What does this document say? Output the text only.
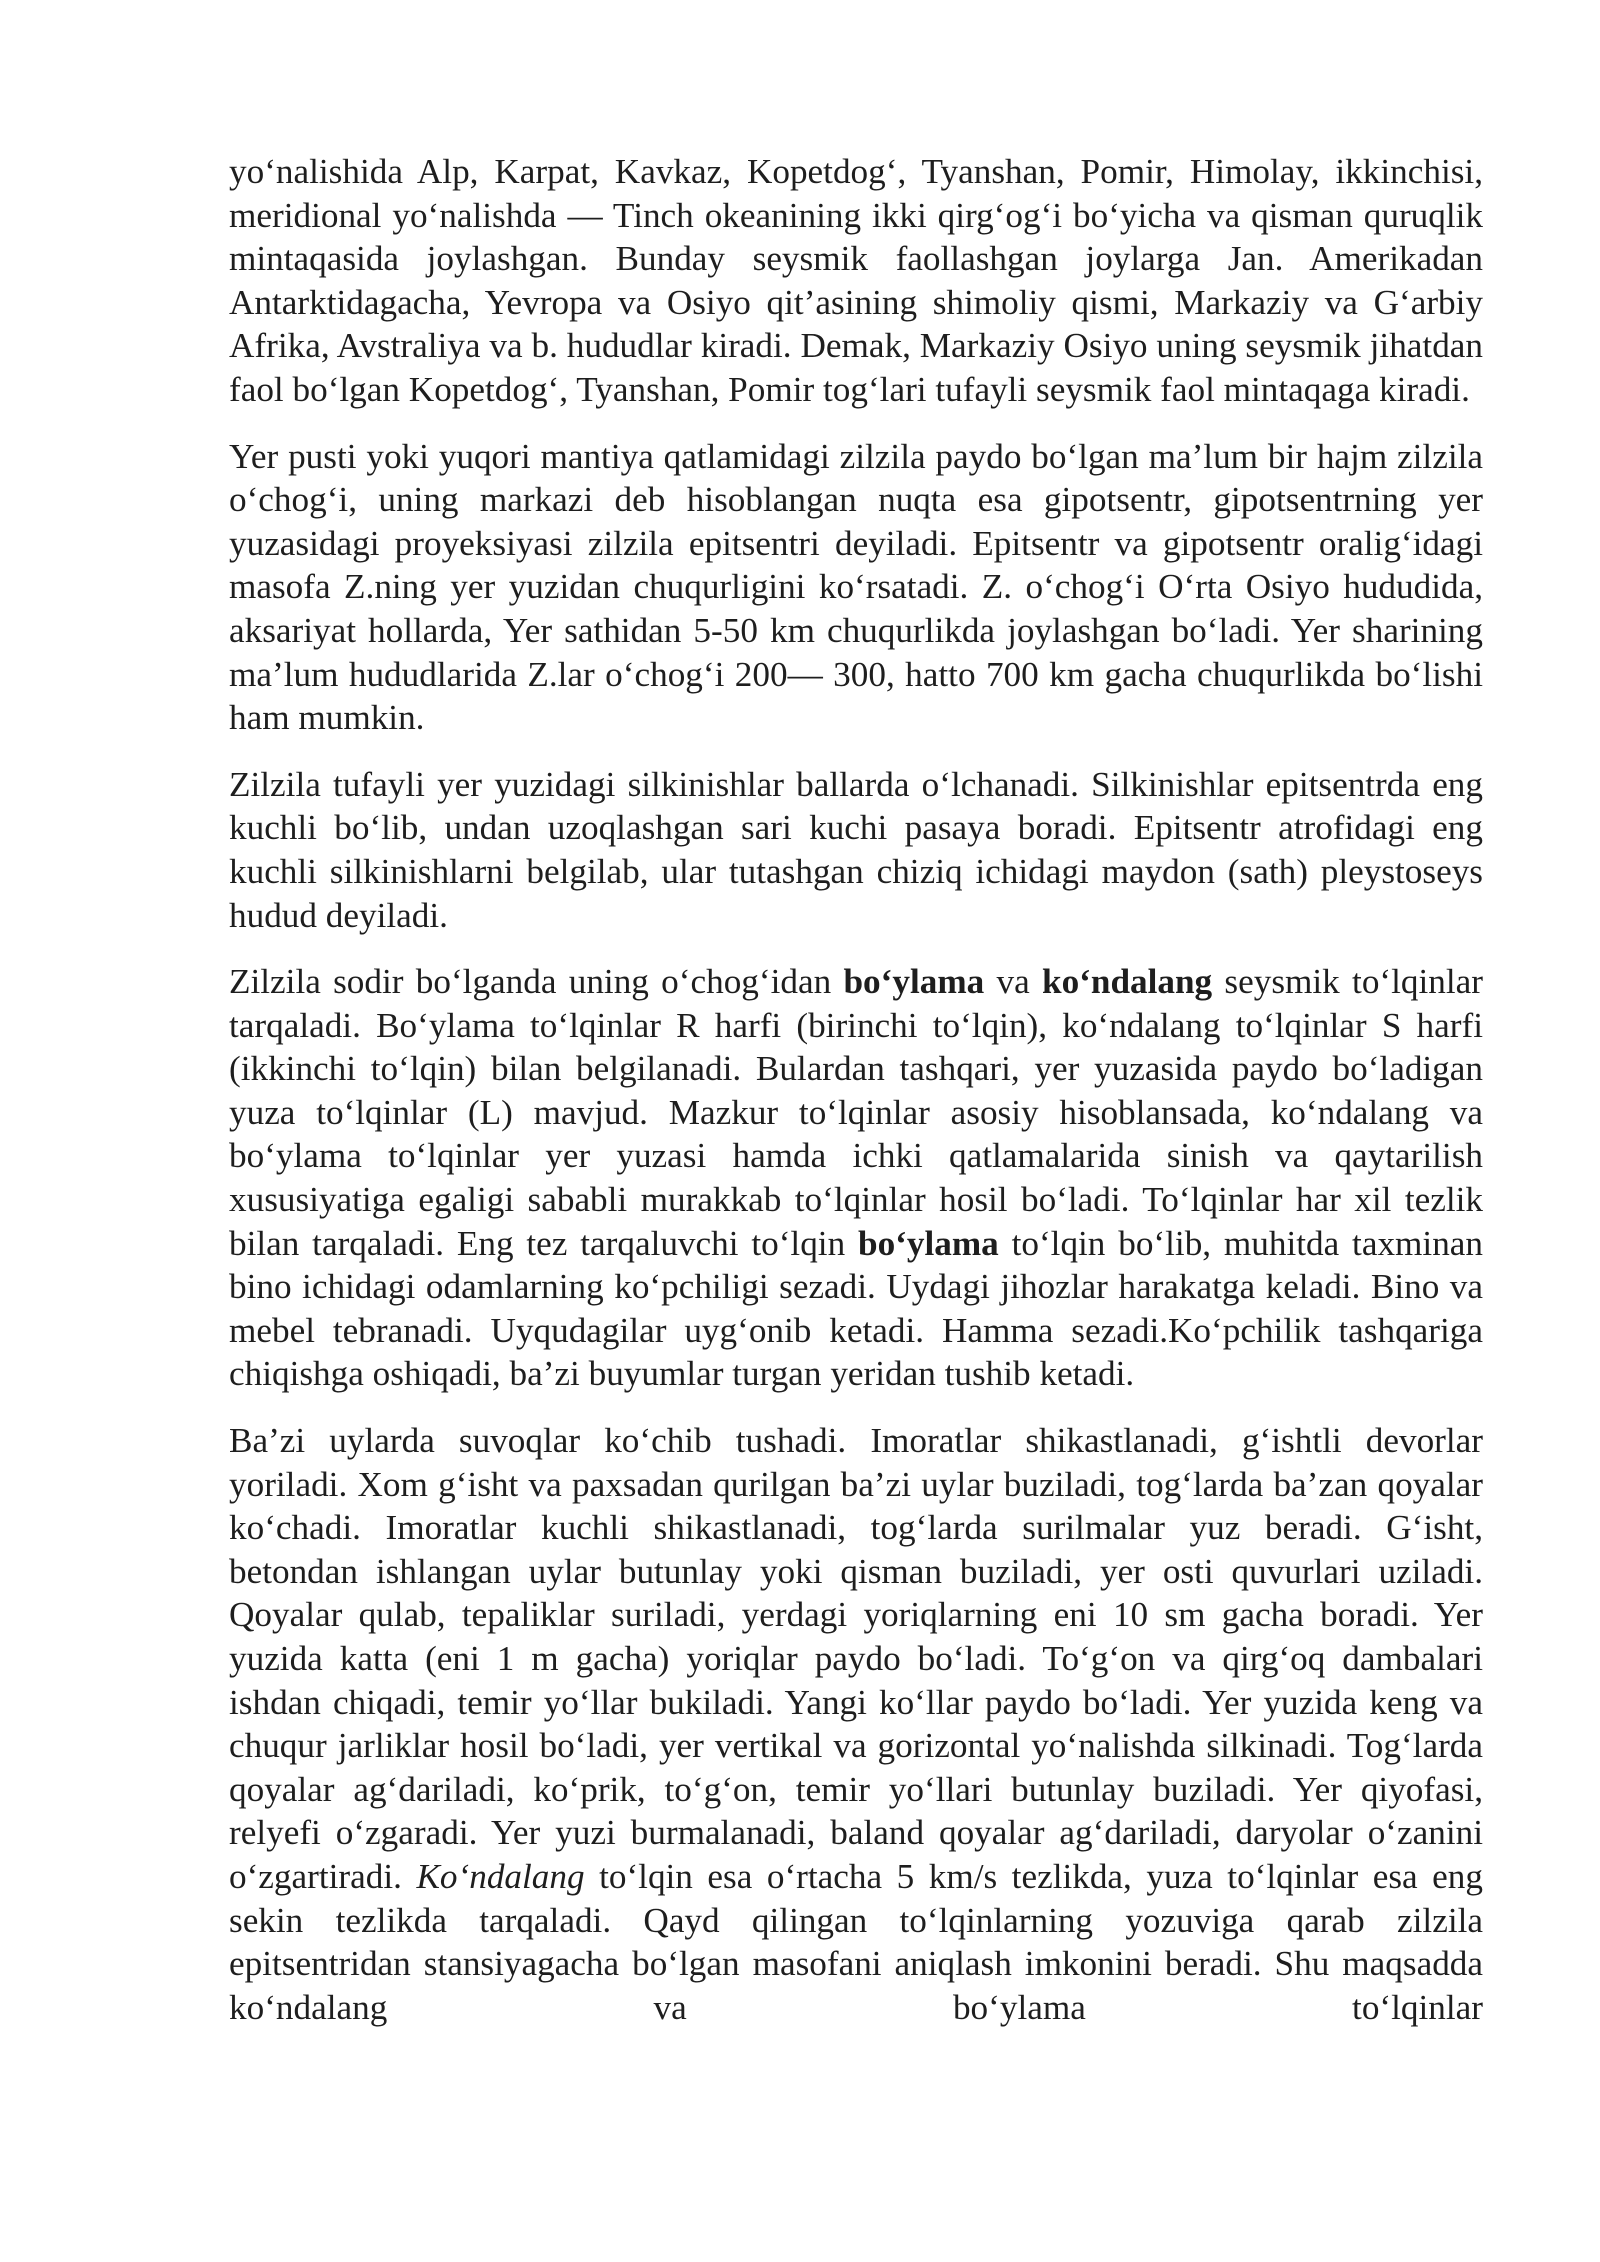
yo‘nalishida Alp, Karpat, Kavkaz, Kopetdog‘, Tyanshan, Pomir, Himolay, ikkinchisi, meridional yo‘nalishda — Tinch okeanining ikki qirg‘og‘i bo‘yicha va qisman quruqlik mintaqasida joylashgan. Bunday seysmik faollashgan joylarga Jan. Amerikadan Antarktidagacha, Yevropa va Osiyo qit’asining shimoliy qismi, Markaziy va G‘arbiy Afrika, Avstraliya va b. hududlar kiradi. Demak, Markaziy Osiyo uning seysmik jihatdan faol bo‘lgan Kopetdog‘, Tyanshan, Pomir tog‘lari tufayli seysmik faol mintaqaga kiradi.

Yer pusti yoki yuqori mantiya qatlamidagi zilzila paydo bo‘lgan ma’lum bir hajm zilzila o‘chog‘i, uning markazi deb hisoblangan nuqta esa gipotsentr, gipotsentrning yer yuzasidagi proyeksiyasi zilzila epitsentri deyiladi. Epitsentr va gipotsentr oralig‘idagi masofa Z.ning yer yuzidan chuqurligini ko‘rsatadi. Z. o‘chog‘i O‘rta Osiyo hududida, aksariyat hollarda, Yer sathidan 5-50 km chuqurlikda joylashgan bo‘ladi. Yer sharining ma’lum hududlarida Z.lar o‘chog‘i 200— 300, hatto 700 km gacha chuqurlikda bo‘lishi ham mumkin.

Zilzila tufayli yer yuzidagi silkinishlar ballarda o‘lchanadi. Silkinishlar epitsentrda eng kuchli bo‘lib, undan uzoqlashgan sari kuchi pasaya boradi. Epitsentr atrofidagi eng kuchli silkinishlarni belgilab, ular tutashgan chiziq ichidagi maydon (sath) pleystoseys hudud deyiladi.

Zilzila sodir bo‘lganda uning o‘chog‘idan bo‘ylama va ko‘ndalang seysmik to‘lqinlar tarqaladi. Bo‘ylama to‘lqinlar R harfi (birinchi to‘lqin), ko‘ndalang to‘lqinlar S harfi (ikkinchi to‘lqin) bilan belgilanadi. Bulardan tashqari, yer yuzasida paydo bo‘ladigan yuza to‘lqinlar (L) mavjud. Mazkur to‘lqinlar asosiy hisoblansada, ko‘ndalang va bo‘ylama to‘lqinlar yer yuzasi hamda ichki qatlamalarida sinish va qaytarilish xususiyatiga egaligi sababli murakkab to‘lqinlar hosil bo‘ladi. To‘lqinlar har xil tezlik bilan tarqaladi. Eng tez tarqaluvchi to‘lqin bo‘ylama to‘lqin bo‘lib, muhitda taxminan bino ichidagi odamlarning ko‘pchiligi sezadi. Uydagi jihozlar harakatga keladi. Bino va mebel tebranadi. Uyqudagilar uyg‘onib ketadi. Hamma sezadi.Ko‘pchilik tashqariga chiqishga oshiqadi, ba’zi buyumlar turgan yeridan tushib ketadi.

Ba’zi uylarda suvoqlar ko‘chib tushadi. Imoratlar shikastlanadi, g‘ishtli devorlar yoriladi. Xom g‘isht va paxsadan qurilgan ba’zi uylar buziladi, tog‘larda ba’zan qoyalar ko‘chadi. Imoratlar kuchli shikastlanadi, tog‘larda surilmalar yuz beradi. G‘isht, betondan ishlangan uylar butunlay yoki qisman buziladi, yer osti quvurlari uziladi. Qoyalar qulab, tepaliklar suriladi, yerdagi yoriqlarning eni 10 sm gacha boradi. Yer yuzida katta (eni 1 m gacha) yoriqlar paydo bo‘ladi. To‘g‘on va qirg‘oq dambalari ishdan chiqadi, temir yo‘llar bukiladi. Yangi ko‘llar paydo bo‘ladi. Yer yuzida keng va chuqur jarliklar hosil bo‘ladi, yer vertikal va gorizontal yo‘nalishda silkinadi. Tog‘larda qoyalar ag‘dariladi, ko‘prik, to‘g‘on, temir yo‘llari butunlay buziladi. Yer qiyofasi, relyefi o‘zgaradi. Yer yuzi burmalanadi, baland qoyalar ag‘dariladi, daryolar o‘zanini o‘zgartiradi. Ko‘ndalang to‘lqin esa o‘rtacha 5 km/s tezlikda, yuza to‘lqinlar esa eng sekin tezlikda tarqaladi. Qayd qilingan to‘lqinlarning yozuviga qarab zilzila epitsentridan stansiyagacha bo‘lgan masofani aniqlash imkonini beradi. Shu maqsadda ko‘ndalang va bo‘ylama to‘lqinlar
